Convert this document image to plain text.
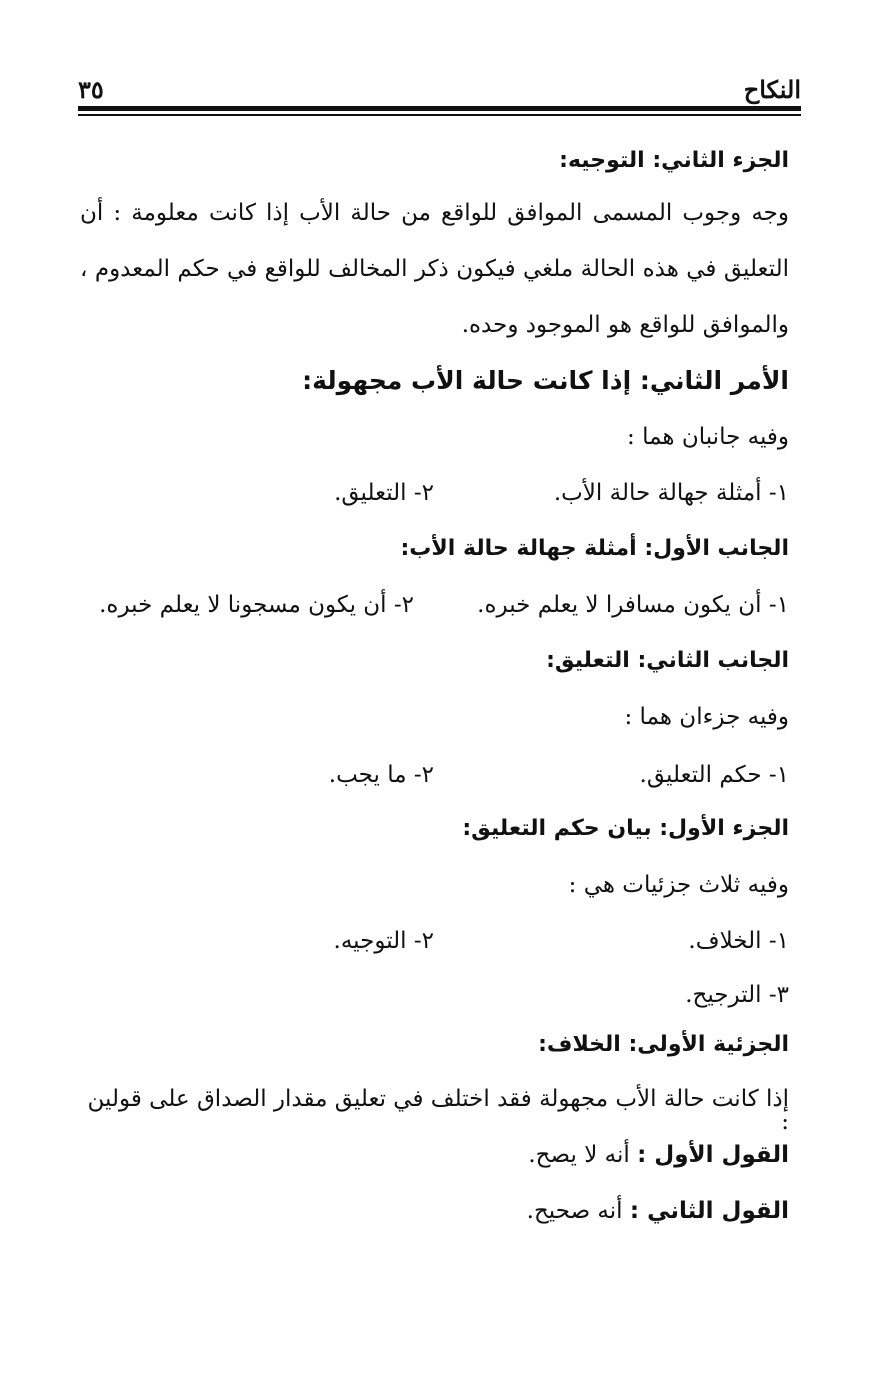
النكاح
٣٥
الجزء الثاني: التوجيه:
وجه وجوب المسمى الموافق للواقع من حالة الأب إذا كانت معلومة : أن
التعليق في هذه الحالة ملغي فيكون ذكر المخالف للواقع في حكم المعدوم ،
والموافق للواقع هو الموجود وحده.
الأمر الثاني: إذا كانت حالة الأب مجهولة:
وفيه جانبان هما :
١- أمثلة جهالة حالة الأب.
٢- التعليق.
الجانب الأول: أمثلة جهالة حالة الأب:
١- أن يكون مسافرا لا يعلم خبره.
٢- أن يكون مسجونا لا يعلم خبره.
الجانب الثاني: التعليق:
وفيه جزءان هما :
١- حكم التعليق.
٢- ما يجب.
الجزء الأول: بيان حكم التعليق:
وفيه ثلاث جزئيات هي :
١- الخلاف.
٢- التوجيه.
٣- الترجيح.
الجزئية الأولى: الخلاف:
إذا كانت حالة الأب مجهولة فقد اختلف في تعليق مقدار الصداق على قولين :
القول الأول : أنه لا يصح.
القول الثاني : أنه صحيح.
